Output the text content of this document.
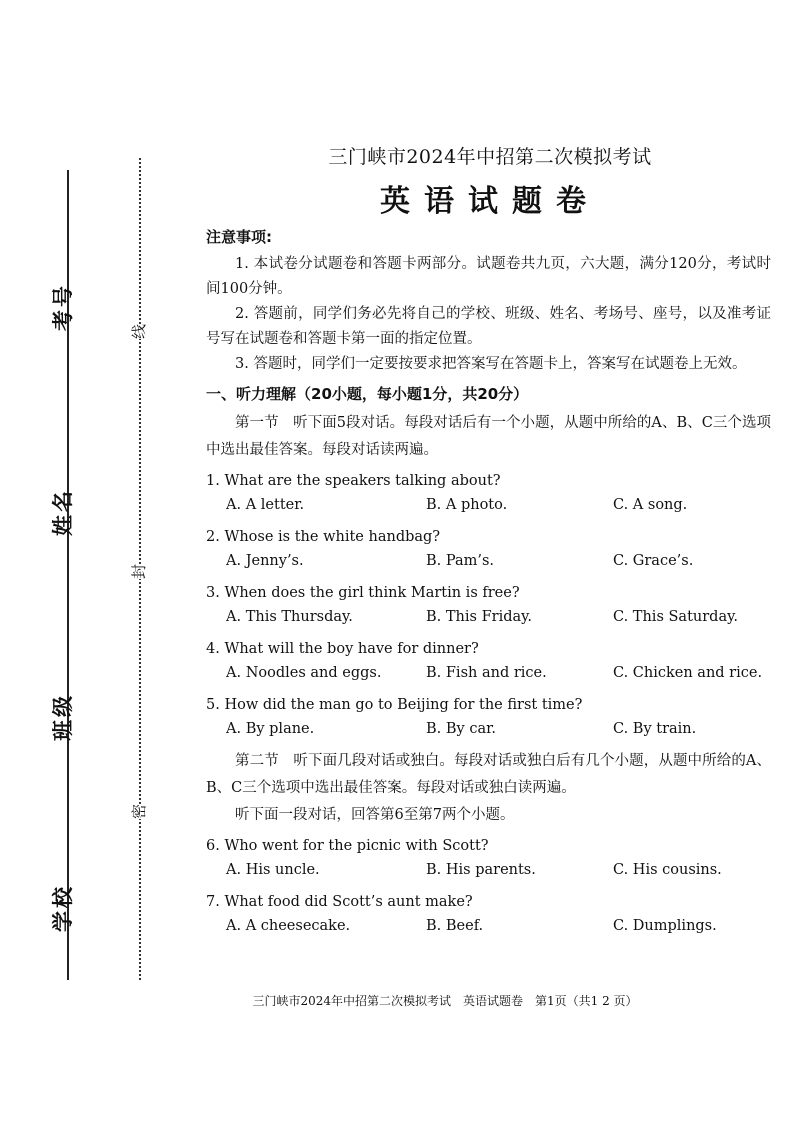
考号
姓名
班级
学校
线
封
密
三门峡市2024年中招第二次模拟考试
英语试题卷
注意事项:

1. 本试卷分试题卷和答题卡两部分。试题卷共九页，六大题，满分120分，考试时间100分钟。

2. 答题前，同学们务必先将自己的学校、班级、姓名、考场号、座号，以及准考证号写在试题卷和答题卡第一面的指定位置。

3. 答题时，同学们一定要按要求把答案写在答题卡上，答案写在试题卷上无效。

一、听力理解（20小题，每小题1分，共20分）

第一节　听下面5段对话。每段对话后有一个小题，从题中所给的A、B、C三个选项中选出最佳答案。每段对话读两遍。

1. What are the speakers talking about?
A. A letter.	B. A photo.	C. A song.
2. Whose is the white handbag?
A. Jenny’s.	B. Pam’s.	C. Grace’s.
3. When does the girl think Martin is free?
A. This Thursday.	B. This Friday.	C. This Saturday.
4. What will the boy have for dinner?
A. Noodles and eggs.	B. Fish and rice.	C. Chicken and rice.
5. How did the man go to Beijing for the first time?
A. By plane.	B. By car.	C. By train.

第二节　听下面几段对话或独白。每段对话或独白后有几个小题，从题中所给的A、B、C三个选项中选出最佳答案。每段对话或独白读两遍。

听下面一段对话，回答第6至第7两个小题。

6. Who went for the picnic with Scott?
A. His uncle.	B. His parents.	C. His cousins.
7. What food did Scott’s aunt make?
A. A cheesecake.	B. Beef.	C. Dumplings.
三门峡市2024年中招第二次模拟考试　英语试题卷　第1页（共1 2 页）
